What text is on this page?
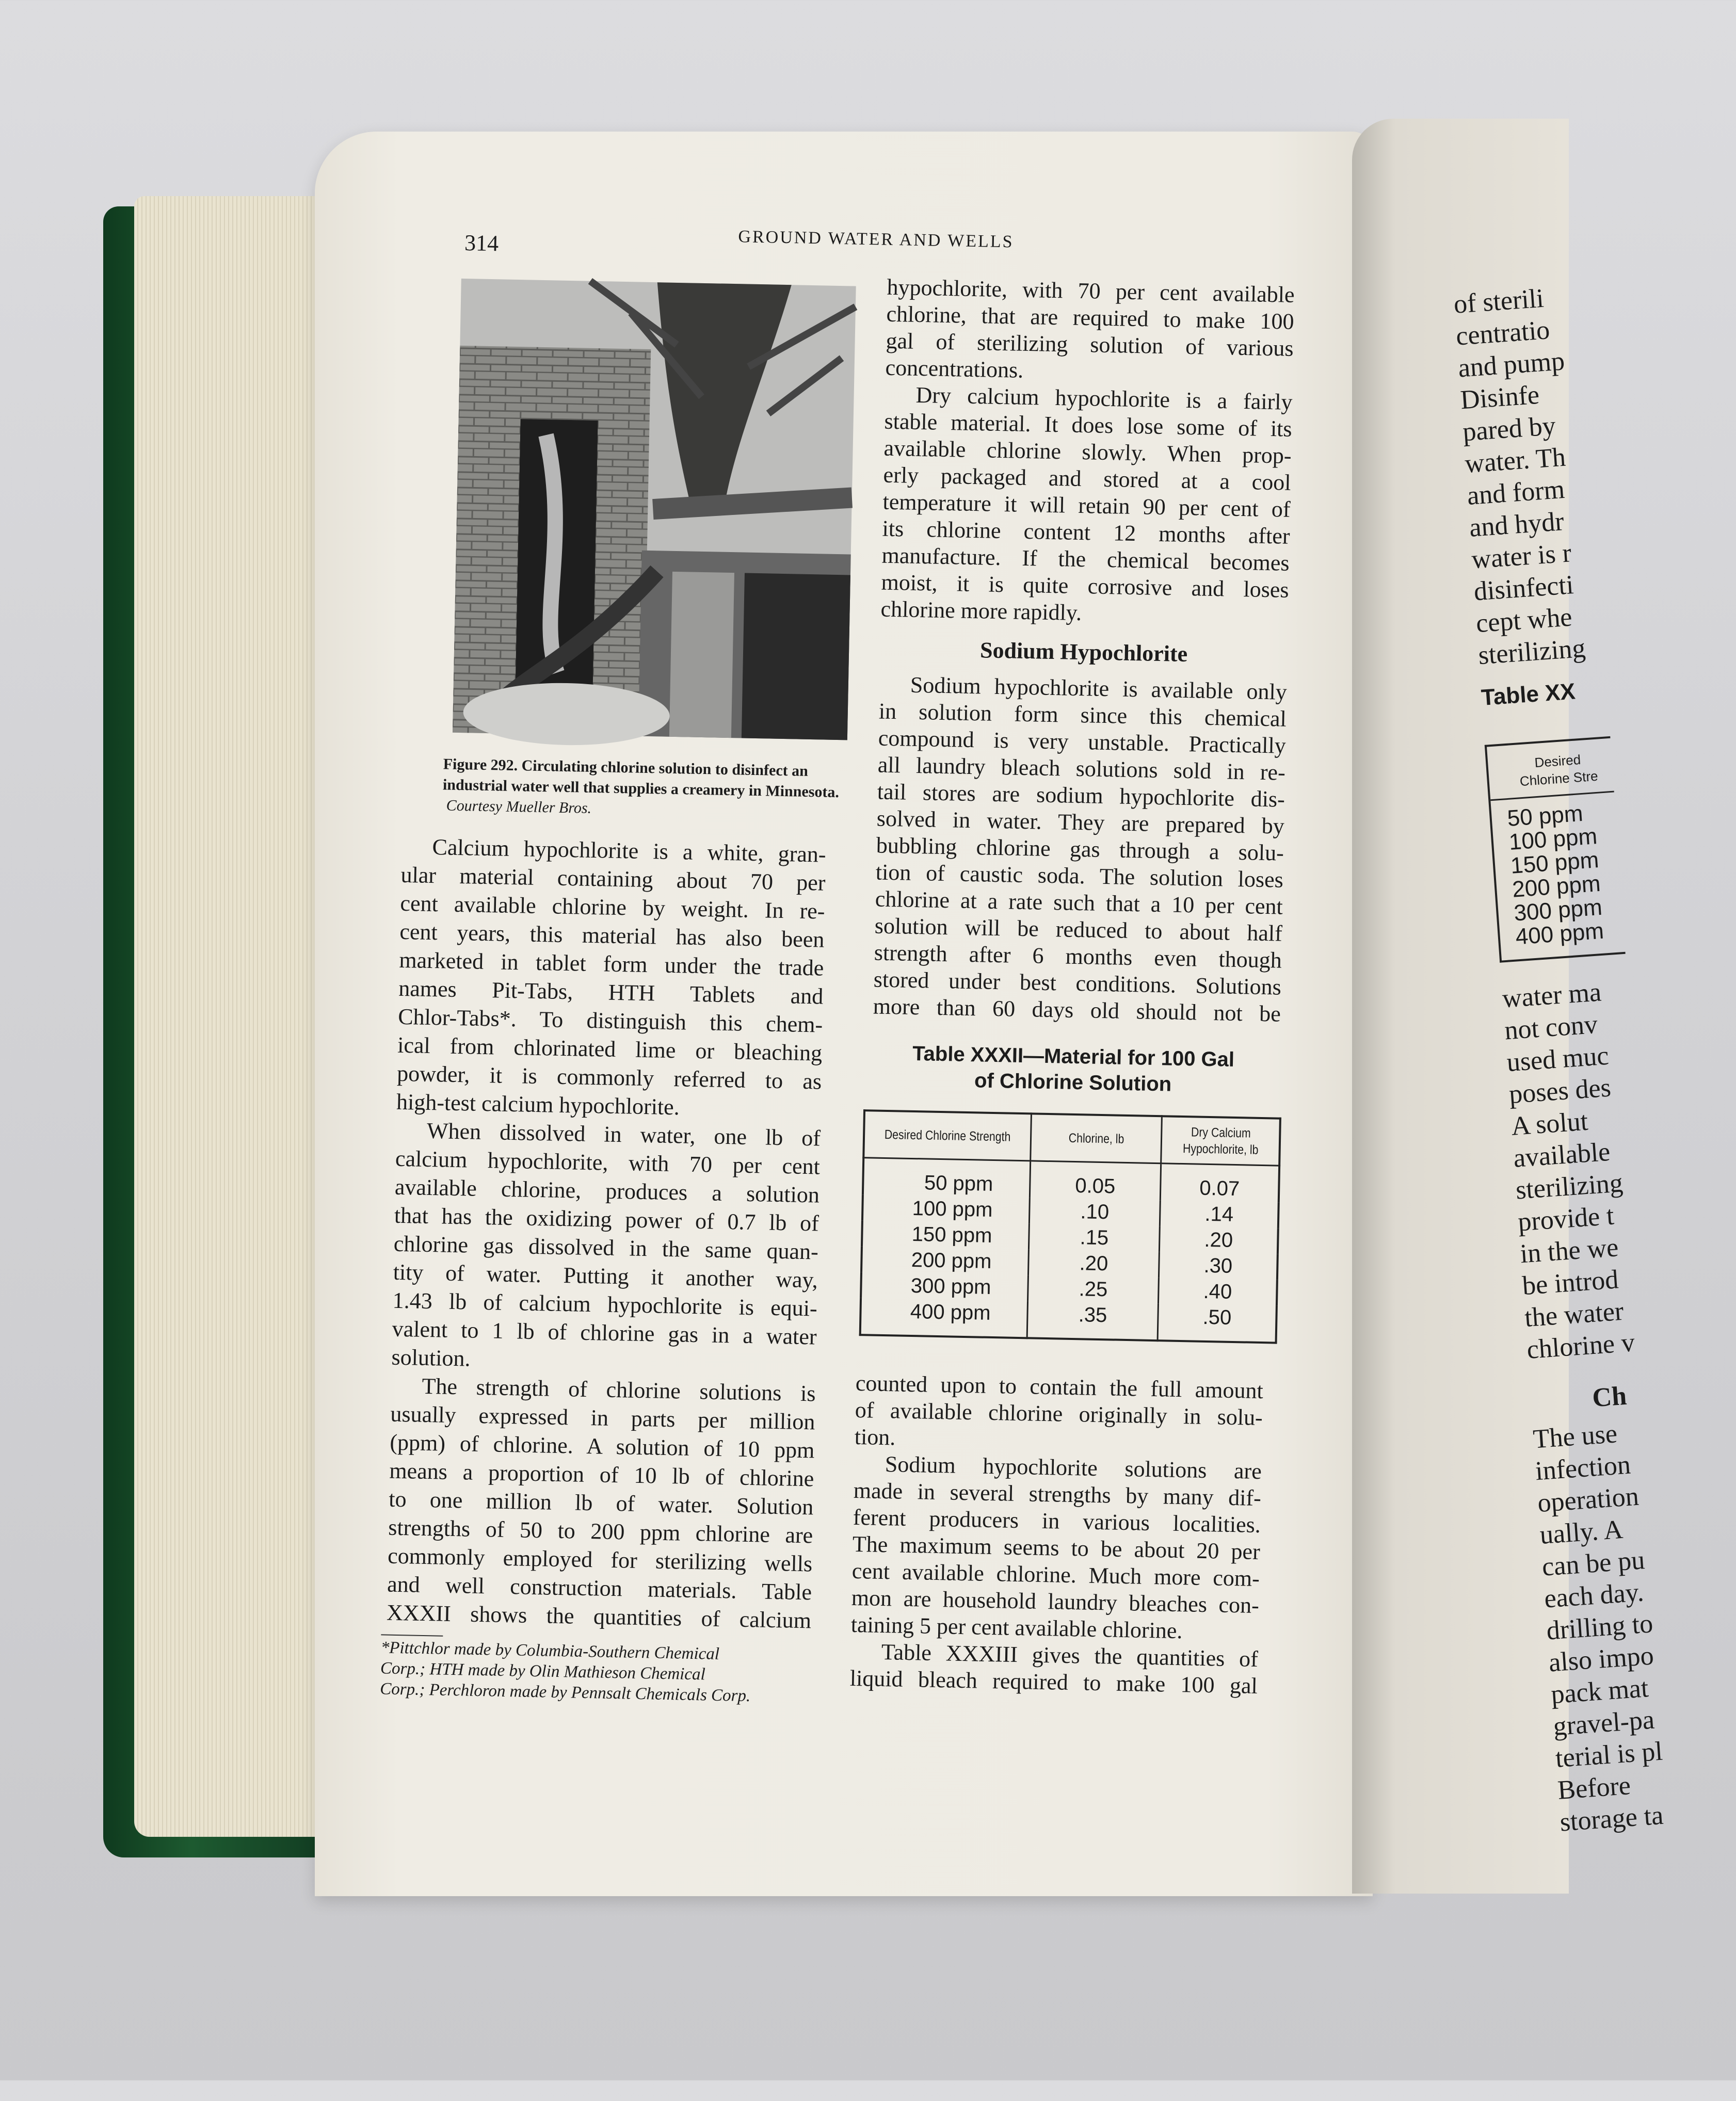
314	GROUND WATER AND WELLS
Figure 292. Circulating chlorine solution to disinfect an industrial water well that supplies a creamery in Minnesota.  Courtesy Mueller Bros.
Calcium hypochlorite is a white, gran-
ular material containing about 70 per
cent available chlorine by weight. In re-
cent years, this material has also been
marketed in tablet form under the trade
names Pit-Tabs, HTH Tablets and
Chlor-Tabs*. To distinguish this chem-
ical from chlorinated lime or bleaching
powder, it is commonly referred to as
high-test calcium hypochlorite.
When dissolved in water, one lb of
calcium hypochlorite, with 70 per cent
available chlorine, produces a solution
that has the oxidizing power of 0.7 lb of
chlorine gas dissolved in the same quan-
tity of water. Putting it another way,
1.43 lb of calcium hypochlorite is equi-
valent to 1 lb of chlorine gas in a water
solution.
The strength of chlorine solutions is
usually expressed in parts per million
(ppm) of chlorine. A solution of 10 ppm
means a proportion of 10 lb of chlorine
to one million lb of water. Solution
strengths of 50 to 200 ppm chlorine are
commonly employed for sterilizing wells
and well construction materials. Table
XXXII shows the quantities of calcium
*Pittchlor made by Columbia-Southern Chemical
Corp.; HTH made by Olin Mathieson Chemical
Corp.; Perchloron made by Pennsalt Chemicals Corp.
hypochlorite, with 70 per cent available
chlorine, that are required to make 100
gal of sterilizing solution of various
concentrations.
Dry calcium hypochlorite is a fairly
stable material. It does lose some of its
available chlorine slowly. When prop-
erly packaged and stored at a cool
temperature it will retain 90 per cent of
its chlorine content 12 months after
manufacture. If the chemical becomes
moist, it is quite corrosive and loses
chlorine more rapidly.
Sodium Hypochlorite
Sodium hypochlorite is available only
in solution form since this chemical
compound is very unstable. Practically
all laundry bleach solutions sold in re-
tail stores are sodium hypochlorite dis-
solved in water. They are prepared by
bubbling chlorine gas through a solu-
tion of caustic soda. The solution loses
chlorine at a rate such that a 10 per cent
solution will be reduced to about half
strength after 6 months even though
stored under best conditions. Solutions
more than 60 days old should not be
Table XXXII—Material for 100 Gal
of Chlorine Solution
Desired Chlorine Strength	Chlorine, lb	Dry Calcium Hypochlorite, lb
50 ppm	0.05	0.07
100 ppm	.10	.14
150 ppm	.15	.20
200 ppm	.20	.30
300 ppm	.25	.40
400 ppm	.35	.50
counted upon to contain the full amount
of available chlorine originally in solu-
tion.
Sodium hypochlorite solutions are
made in several strengths by many dif-
ferent producers in various localities.
The maximum seems to be about 20 per
cent available chlorine. Much more com-
mon are household laundry bleaches con-
taining 5 per cent available chlorine.
Table XXXIII gives the quantities of
liquid bleach required to make 100 gal
of sterili
centratio
and pump
Disinfe
pared by
water. Th
and form
and hydr
water is r
disinfecti
cept whe
sterilizing
Table XX
Desired
Chlorine Stre
50 ppm
100 ppm
150 ppm
200 ppm
300 ppm
400 ppm
water ma
not conv
used muc
poses des
A solut
available
sterilizing
provide t
in the we
be introd
the water
chlorine v
Ch
The use
infection
operation
ually. A
can be pu
each day.
drilling to
also impo
pack mat
gravel-pa
terial is pl
Before
storage ta
